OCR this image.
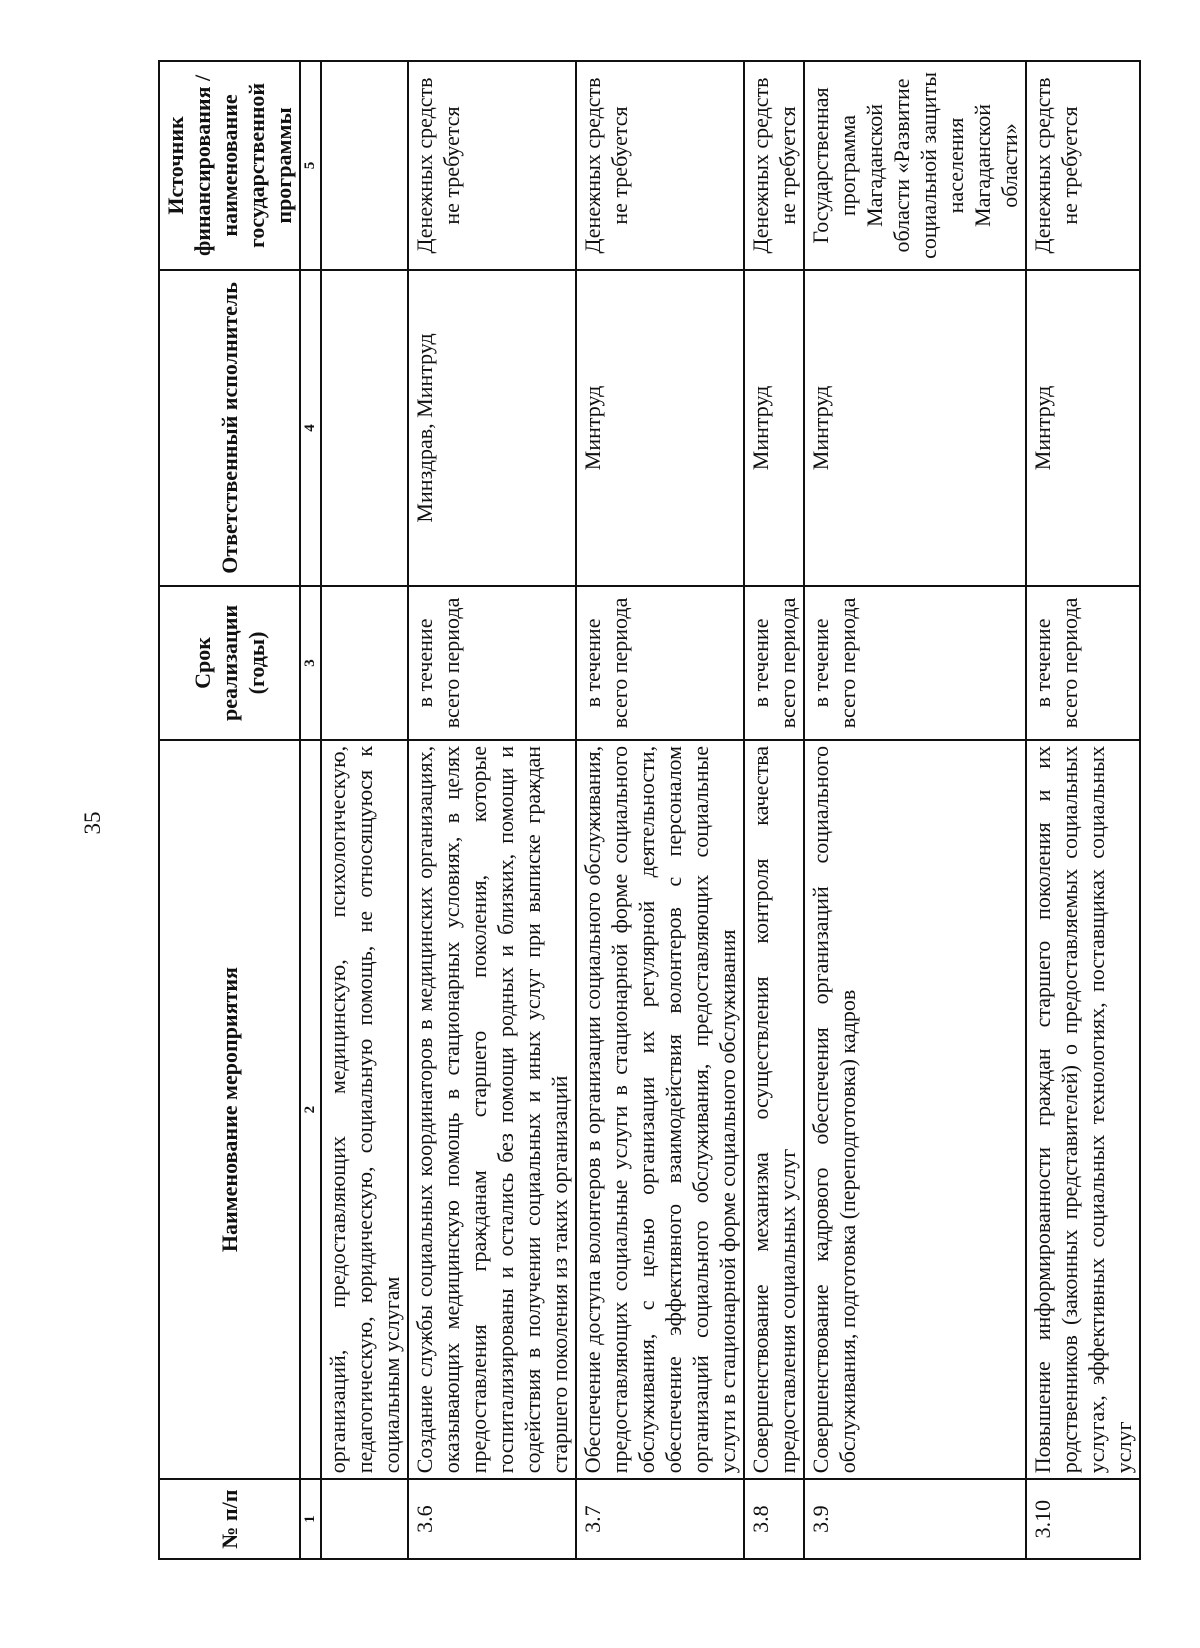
35
№ п/п	Наименование мероприятия	Срок реализации (годы)	Ответственный исполнитель	Источник финансирования / наименование государственной программы
1	2	3	4	5
	организаций, предоставляющих медицинскую, психологическую, педагогическую, юридическую, социальную помощь, не относящуюся к социальным услугам			
3.6	Создание службы социальных координаторов в медицинских организациях, оказывающих медицинскую помощь в стационарных условиях, в целях предоставления гражданам старшего поколения, которые госпитализированы и остались без помощи родных и близких, помощи и содействия в получении социальных и иных услуг при выписке граждан старшего поколения из таких организаций	в течение всего периода	Минздрав, Минтруд	Денежных средств не требуется
3.7	Обеспечение доступа волонтеров в организации социального обслуживания, предоставляющих социальные услуги в стационарной форме социального обслуживания, с целью организации их регулярной деятельности, обеспечение эффективного взаимодействия волонтеров с персоналом организаций социального обслуживания, предоставляющих социальные услуги в стационарной форме социального обслуживания	в течение всего периода	Минтруд	Денежных средств не требуется
3.8	Совершенствование механизма осуществления контроля качества предоставления социальных услуг	в течение всего периода	Минтруд	Денежных средств не требуется
3.9	Совершенствование кадрового обеспечения организаций социального обслуживания, подготовка (переподготовка) кадров	в течение всего периода	Минтруд	Государственная программа Магаданской области «Развитие социальной защиты населения Магаданской области»
3.10	Повышение информированности граждан старшего поколения и их родственников (законных представителей) о предоставляемых социальных услугах, эффективных социальных технологиях, поставщиках социальных услуг	в течение всего периода	Минтруд	Денежных средств не требуется
